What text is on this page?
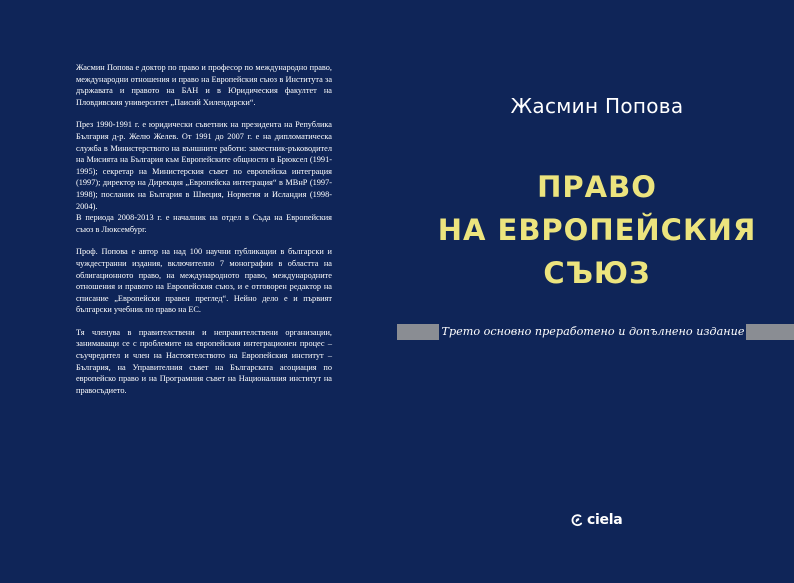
Жасмин Попова е доктор по право и професор по международно право, международни отношения и право на Европейския съюз в Института за държавата и правото на БАН и в Юридическия факултет на Пловдивския университет „Паисий Хилендарски“.

През 1990-1991 г. е юридически съветник на президента на Република България д-р. Желю Желев. От 1991 до 2007 г. е на дипломатическа служба в Министерството на външните работи: заместник-ръководител на Мисията на България към Европейските общности в Брюксел (1991-1995); секретар на Министерския съвет по европейска интеграция (1997); директор на Дирекция „Европейска интеграция“ в МВнР (1997-1998); посланик на България в Швеция, Норвегия и Исландия (1998-2004).

В периода 2008-2013 г. е началник на отдел в Съда на Европейския съюз в Люксембург.

Проф. Попова е автор на над 100 научни публикации в български и чуждестранни издания, включително 7 монографии в областта на облигационното право, на международното право, международните отношения и правото на Европейския съюз, и е отговорен редактор на списание „Европейски правен преглед“. Нейно дело е и първият български учебник по право на ЕС.

Тя членува в правителствени и неправителствени организации, занимаващи се с проблемите на европейския интеграционен процес – съучредител и член на Настоятелството на Европейския институт – България, на Управителния съвет на Българската асоциация по европейско право и на Програмния съвет на Националния институт на правосъдието.

Жасмин Попова
ПРАВО
НА ЕВРОПЕЙСКИЯ
СЪЮЗ
Трето основно преработено и допълнено издание
ciela
